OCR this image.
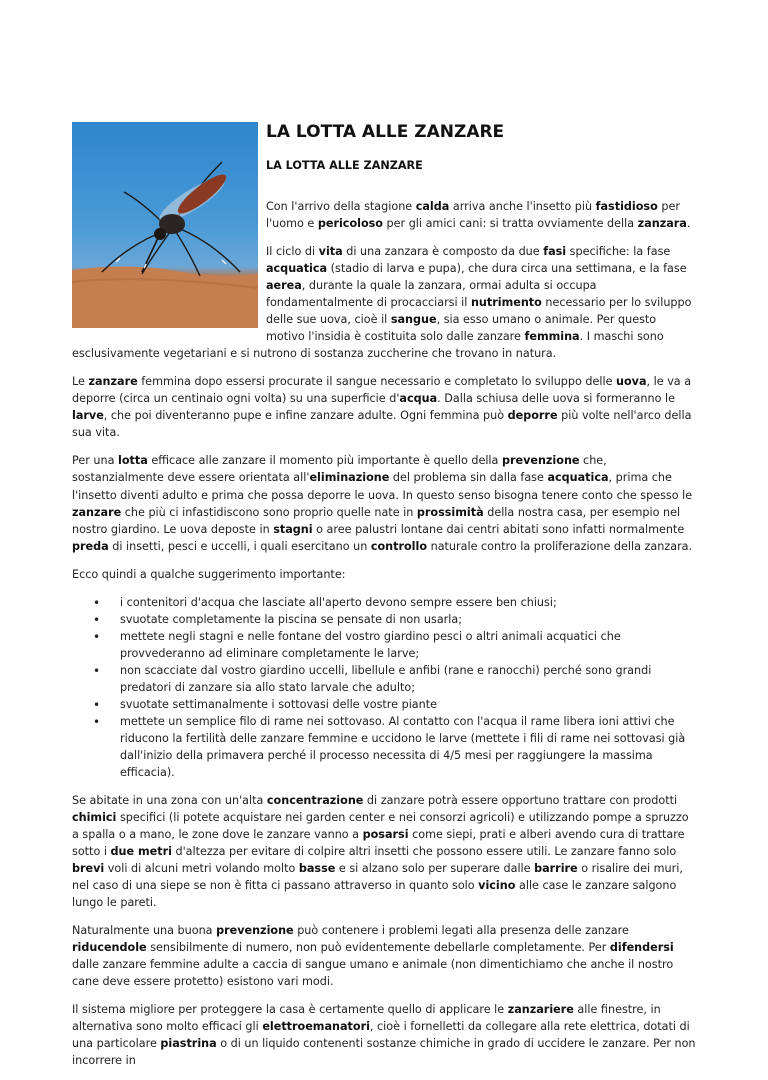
LA LOTTA ALLE ZANZARE
LA LOTTA ALLE ZANZARE

Con l'arrivo della stagione calda arriva anche l'insetto più fastidioso per l'uomo e pericoloso per gli amici cani: si tratta ovviamente della zanzara.

Il ciclo di vita di una zanzara è composto da due fasi specifiche: la fase acquatica (stadio di larva e pupa), che dura circa una settimana, e la fase aerea, durante la quale la zanzara, ormai adulta si occupa fondamentalmente di procacciarsi il nutrimento necessario per lo sviluppo delle sue uova, cioè il sangue, sia esso umano o animale. Per questo motivo l'insidia è costituita solo dalle zanzare femmina. I maschi sono esclusivamente vegetariani e si nutrono di sostanza zuccherine che trovano in natura.

Le zanzare femmina dopo essersi procurate il sangue necessario e completato lo sviluppo delle uova, le va a deporre (circa un centinaio ogni volta) su una superficie d'acqua. Dalla schiusa delle uova si formeranno le larve, che poi diventeranno pupe e infine zanzare adulte. Ogni femmina può deporre più volte nell'arco della sua vita.

Per una lotta efficace alle zanzare il momento più importante è quello della prevenzione che, sostanzialmente deve essere orientata all'eliminazione del problema sin dalla fase acquatica, prima che l'insetto diventi adulto e prima che possa deporre le uova. In questo senso bisogna tenere conto che spesso le zanzare che più ci infastidiscono sono proprio quelle nate in prossimità della nostra casa, per esempio nel nostro giardino. Le uova deposte in stagni o aree palustri lontane dai centri abitati sono infatti normalmente preda di insetti, pesci e uccelli, i quali esercitano un controllo naturale contro la proliferazione della zanzara.

Ecco quindi a qualche suggerimento importante:

• i contenitori d'acqua che lasciate all'aperto devono sempre essere ben chiusi;
• svuotate completamente la piscina se pensate di non usarla;
• mettete negli stagni e nelle fontane del vostro giardino pesci o altri animali acquatici che provvederanno ad eliminare completamente le larve;
• non scacciate dal vostro giardino uccelli, libellule e anfibi (rane e ranocchi) perché sono grandi predatori di zanzare sia allo stato larvale che adulto;
• svuotate settimanalmente i sottovasi delle vostre piante
• mettete un semplice filo di rame nei sottovaso. Al contatto con l'acqua il rame libera ioni attivi che riducono la fertilità delle zanzare femmine e uccidono le larve (mettete i fili di rame nei sottovasi già dall'inizio della primavera perché il processo necessita di 4/5 mesi per raggiungere la massima efficacia).

Se abitate in una zona con un'alta concentrazione di zanzare potrà essere opportuno trattare con prodotti chimici specifici (li potete acquistare nei garden center e nei consorzi agricoli) e utilizzando pompe a spruzzo a spalla o a mano, le zone dove le zanzare vanno a posarsi come siepi, prati e alberi avendo cura di trattare sotto i due metri d'altezza per evitare di colpire altri insetti che possono essere utili. Le zanzare fanno solo brevi voli di alcuni metri volando molto basse e si alzano solo per superare dalle barrire o risalire dei muri, nel caso di una siepe se non è fitta ci passano attraverso in quanto solo vicino alle case le zanzare salgono lungo le pareti.

Naturalmente una buona prevenzione può contenere i problemi legati alla presenza delle zanzare riducendole sensibilmente di numero, non può evidentemente debellarle completamente. Per difendersi dalle zanzare femmine adulte a caccia di sangue umano e animale (non dimentichiamo che anche il nostro cane deve essere protetto) esistono vari modi.

Il sistema migliore per proteggere la casa è certamente quello di applicare le zanzariere alle finestre, in alternativa sono molto efficaci gli elettroemanatori, cioè i fornelletti da collegare alla rete elettrica, dotati di una particolare piastrina o di un liquido contenenti sostanze chimiche in grado di uccidere le zanzare. Per non incorrere in
